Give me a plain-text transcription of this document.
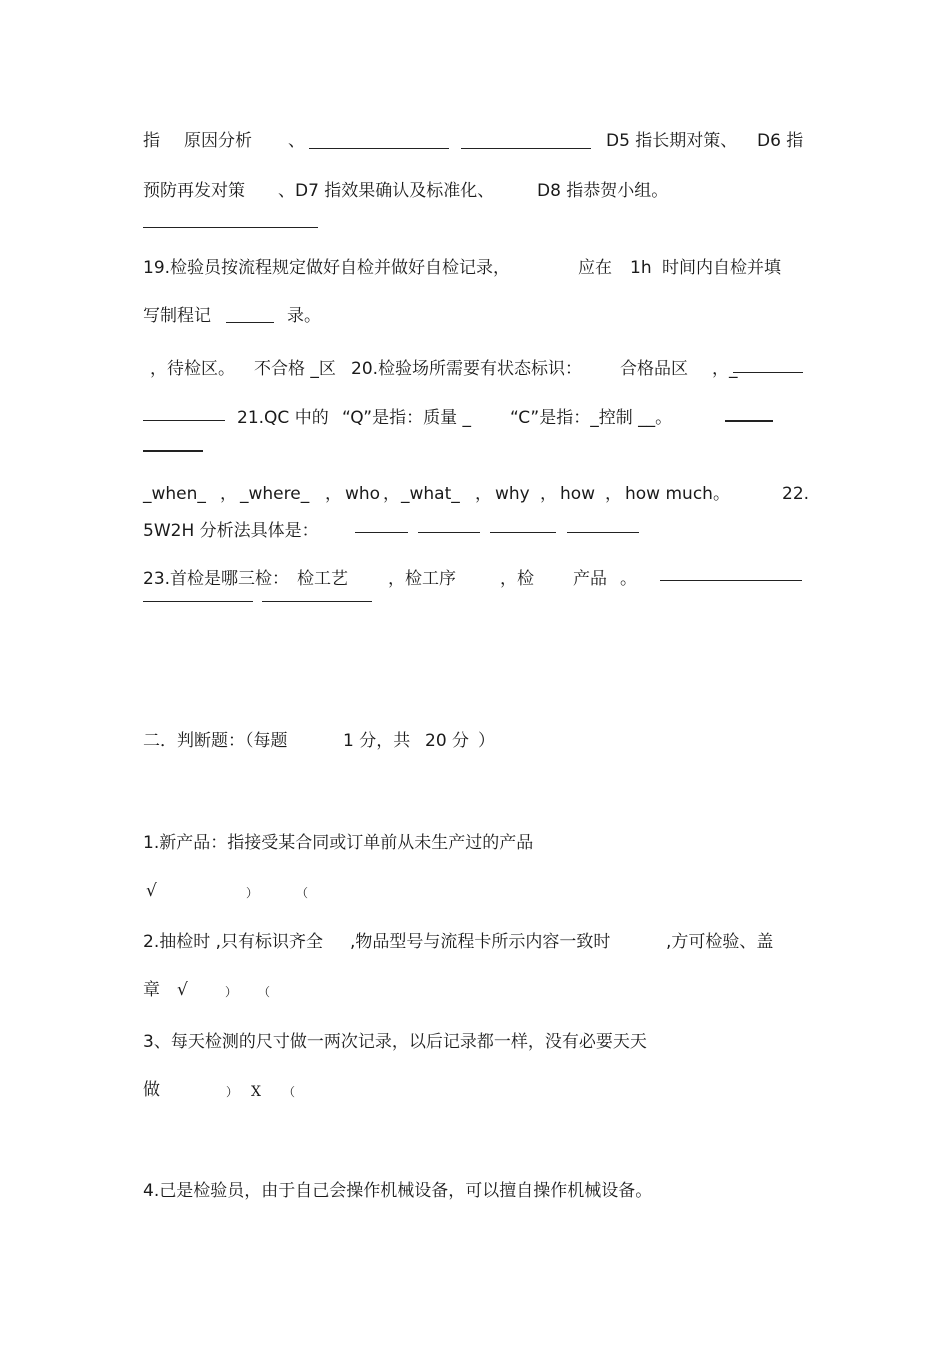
指 原因分析 、	D5 指长期对策、 D6 指
预防再发对策 、D7 指效果确认及标准化、	D8 指恭贺小组。
19.检验员按流程规定做好自检并做好自检记录，	应在 1h 时间内自检并填
写制程记	录。
，待检区。 不合格 _区 20.检验场所需要有状态标识： 合格品区 ，_
21.QC 中的 “Q”是指：质量 _ “C”是指：_控制 __。
_when_ ， _where_ ， who ， _what_ ， why ， how ， how much 。	22.
5W2H 分析法具体是：
23.首检是哪三检： 检工艺 ，检工序	，检 产品 。
二．判断题：（每题	1 分，共 20 分 ）
1.新产品：指接受某合同或订单前从未生产过的产品
√	）	（
2.抽检时 ,只有标识齐全 ,物品型号与流程卡所示内容一致时	,方可检验、盖
章 √	） （
3、每天检测的尺寸做一两次记录，以后记录都一样，没有必要天天
做	） X （
4.己是检验员，由于自己会操作机械设备，可以擅自操作机械设备。
